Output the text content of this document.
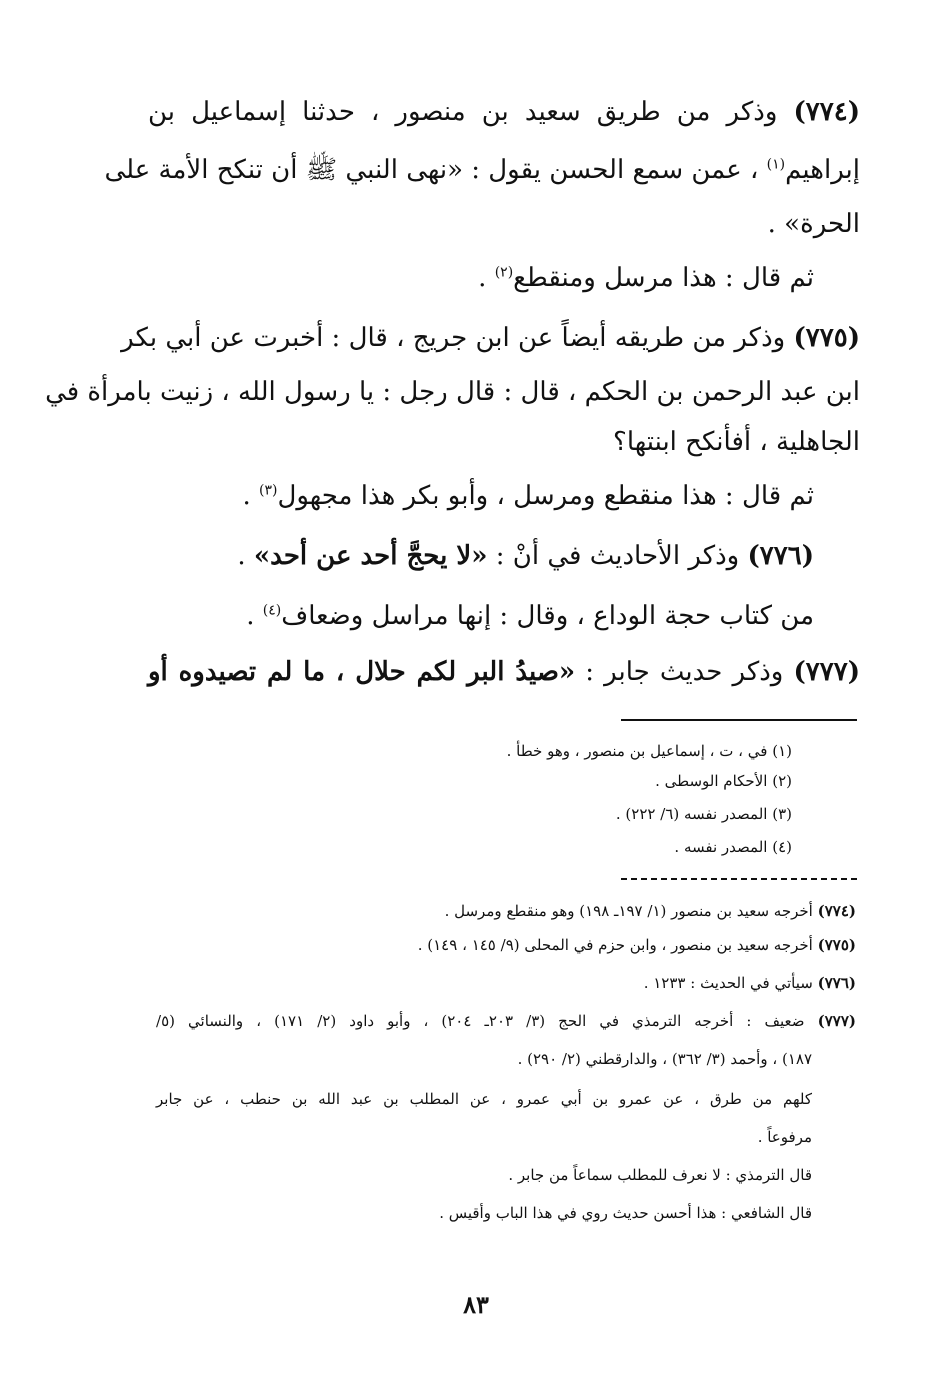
(٧٧٤) وذكر من طريق سعيد بن منصور ، حدثنا إسماعيل بن
إبراهيم$^{(١)}$ ، عمن سمع الحسن يقول : «نهى النبي ﷺ أن تنكح الأمة على
الحرة» .
ثم قال : هذا مرسل ومنقطع$^{(٢)}$ .
(٧٧٥) وذكر من طريقه أيضاً عن ابن جريج ، قال : أخبرت عن أبي بكر
ابن عبد الرحمن بن الحكم ، قال : قال رجل : يا رسول الله ، زنيت بامرأة في
الجاهلية ، أفأنكح ابنتها؟
ثم قال : هذا منقطع ومرسل ، وأبو بكر هذا مجهول$^{(٣)}$ .
(٧٧٦) وذكر الأحاديث في أنْ : «لا يحجَّ أحد عن أحد» .
من كتاب حجة الوداع ، وقال : إنها مراسل وضعاف$^{(٤)}$ .
(٧٧٧) وذكر حديث جابر : «صيدُ البر لكم حلال ، ما لم تصيدوه أو
(١) في ، ت ، إسماعيل بن منصور ، وهو خطأ .
(٢) الأحكام الوسطى .
(٣) المصدر نفسه (٦/ ٢٢٢) .
(٤) المصدر نفسه .
(٧٧٤) أخرجه سعيد بن منصور (١/ ١٩٧ـ ١٩٨) وهو منقطع ومرسل .
(٧٧٥) أخرجه سعيد بن منصور ، وابن حزم في المحلى (٩/ ١٤٥ ، ١٤٩) .
(٧٧٦) سيأتي في الحديث : ١٢٣٣ .
(٧٧٧) ضعيف : أخرجه الترمذي في الحج (٣/ ٢٠٣ـ ٢٠٤) ، وأبو داود (٢/ ١٧١) ، والنسائي (٥/
١٨٧) ، وأحمد (٣/ ٣٦٢) ، والدارقطني (٢/ ٢٩٠) .
كلهم من طرق ، عن عمرو بن أبي عمرو ، عن المطلب بن عبد الله بن حنطب ، عن جابر
مرفوعاً .
قال الترمذي : لا نعرف للمطلب سماعاً من جابر .
قال الشافعي : هذا أحسن حديث روي في هذا الباب وأقيس .
٨٣
